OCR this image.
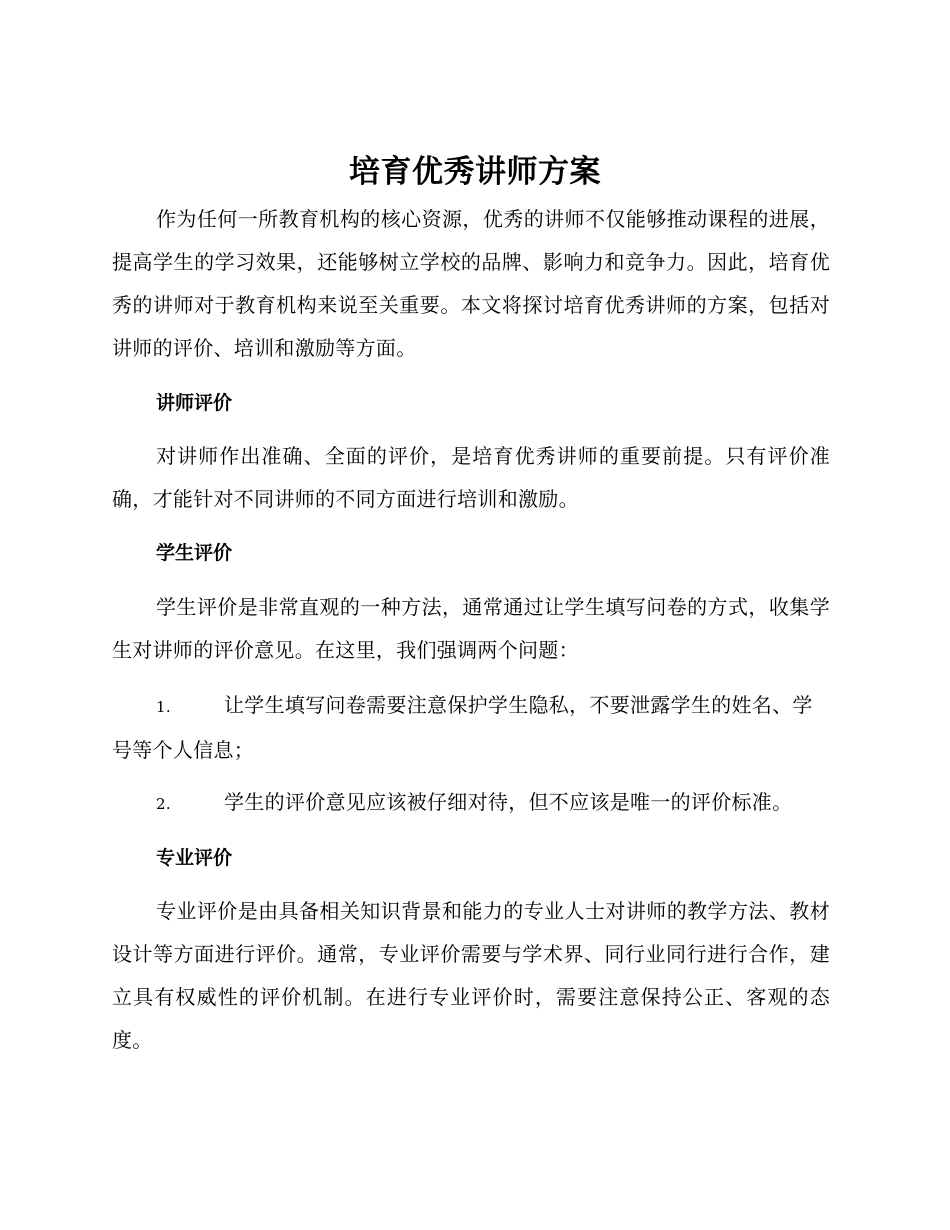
培育优秀讲师方案
作为任何一所教育机构的核心资源，优秀的讲师不仅能够推动课程的进展，提高学生的学习效果，还能够树立学校的品牌、影响力和竞争力。因此，培育优秀的讲师对于教育机构来说至关重要。本文将探讨培育优秀讲师的方案，包括对讲师的评价、培训和激励等方面。
讲师评价
对讲师作出准确、全面的评价，是培育优秀讲师的重要前提。只有评价准确，才能针对不同讲师的不同方面进行培训和激励。
学生评价
学生评价是非常直观的一种方法，通常通过让学生填写问卷的方式，收集学生对讲师的评价意见。在这里，我们强调两个问题：
1.	让学生填写问卷需要注意保护学生隐私，不要泄露学生的姓名、学号等个人信息；
2.	学生的评价意见应该被仔细对待，但不应该是唯一的评价标准。
专业评价
专业评价是由具备相关知识背景和能力的专业人士对讲师的教学方法、教材设计等方面进行评价。通常，专业评价需要与学术界、同行业同行进行合作，建立具有权威性的评价机制。在进行专业评价时，需要注意保持公正、客观的态度。
